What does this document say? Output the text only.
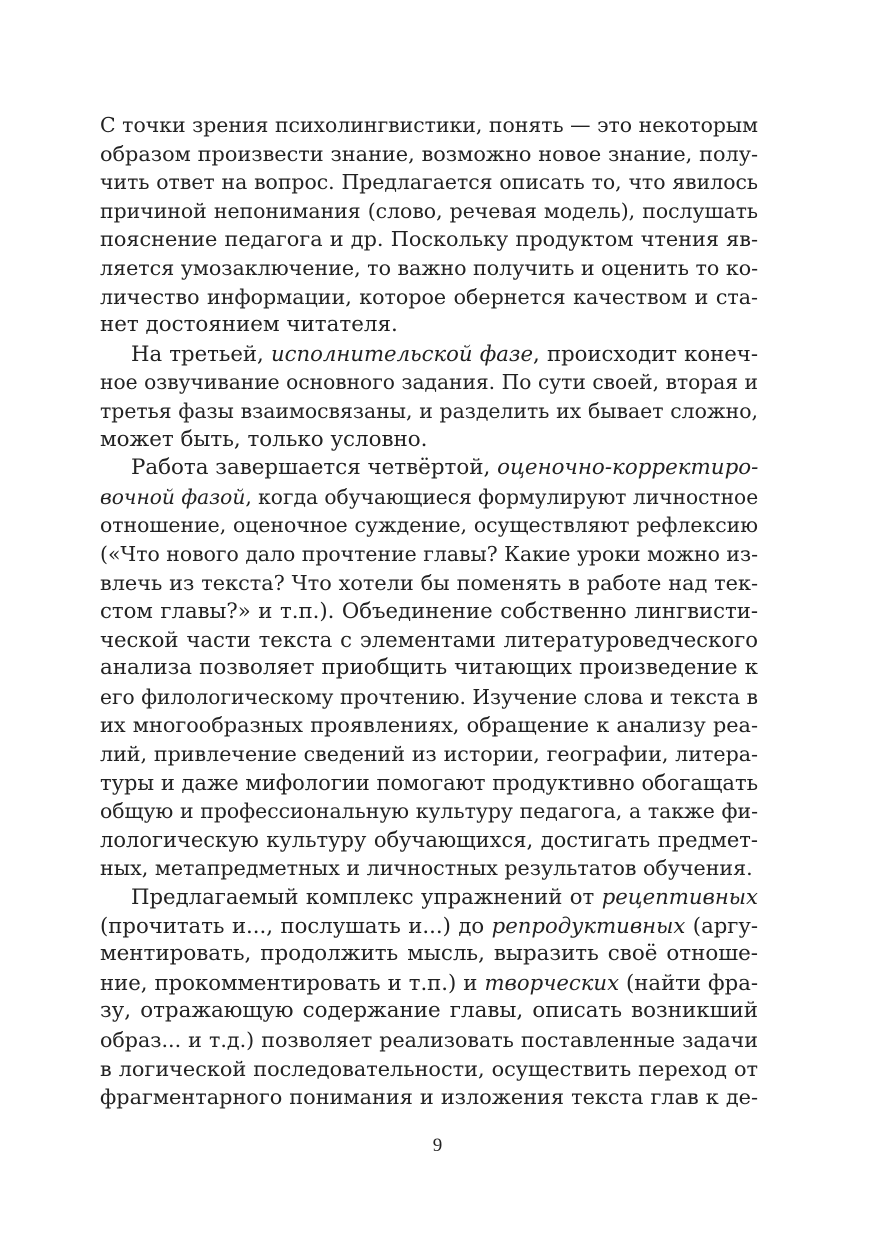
С точки зрения психолингвистики, понять — это некоторым
образом произвести знание, возможно новое знание, полу-
чить ответ на вопрос. Предлагается описать то, что явилось
причиной непонимания (слово, речевая модель), послушать
пояснение педагога и др. Поскольку продуктом чтения яв-
ляется умозаключение, то важно получить и оценить то ко-
личество информации, которое обернется качеством и ста-
нет достоянием читателя.
На третьей, исполнительской фазе, происходит конеч-
ное озвучивание основного задания. По сути своей, вторая и
третья фазы взаимосвязаны, и разделить их бывает сложно,
может быть, только условно.
Работа завершается четвёртой, оценочно-корректиро-
вочной фазой, когда обучающиеся формулируют личностное
отношение, оценочное суждение, осуществляют рефлексию
(«Что нового дало прочтение главы? Какие уроки можно из-
влечь из текста? Что хотели бы поменять в работе над тек-
стом главы?» и т.п.). Объединение собственно лингвисти-
ческой части текста с элементами литературоведческого
анализа позволяет приобщить читающих произведение к
его филологическому прочтению. Изучение слова и текста в
их многообразных проявлениях, обращение к анализу реа-
лий, привлечение сведений из истории, географии, литера-
туры и даже мифологии помогают продуктивно обогащать
общую и профессиональную культуру педагога, а также фи-
лологическую культуру обучающихся, достигать предмет-
ных, метапредметных и личностных результатов обучения.
Предлагаемый комплекс упражнений от рецептивных
(прочитать и..., послушать и...) до репродуктивных (аргу-
ментировать, продолжить мысль, выразить своё отноше-
ние, прокомментировать и т.п.) и творческих (найти фра-
зу, отражающую содержание главы, описать возникший
образ... и т.д.) позволяет реализовать поставленные задачи
в логической последовательности, осуществить переход от
фрагментарного понимания и изложения текста глав к де-
9
